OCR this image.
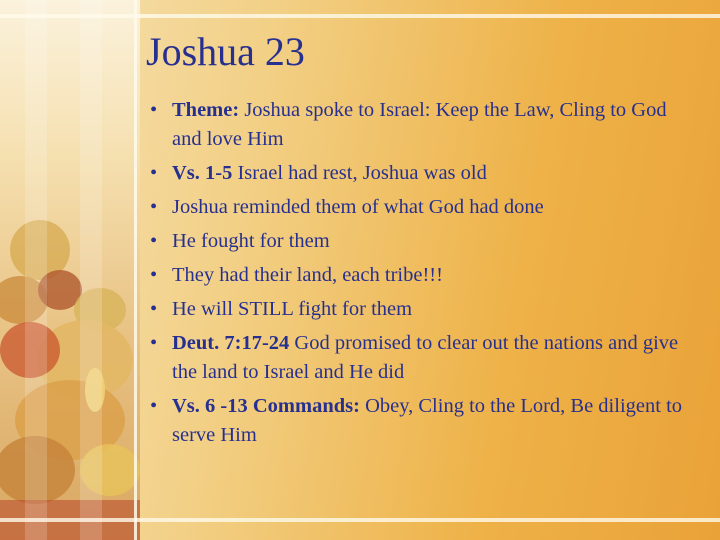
Joshua 23
• Theme: Joshua spoke to Israel: Keep the Law, Cling to God and love Him
• Vs. 1-5 Israel had rest, Joshua was old
• Joshua reminded them of what God had done
• He fought for them
• They had their land, each tribe!!!
• He will STILL fight for them
• Deut. 7:17-24 God promised to clear out the nations and give the land to Israel and He did
• Vs. 6 -13 Commands: Obey, Cling to the Lord, Be diligent to serve Him
